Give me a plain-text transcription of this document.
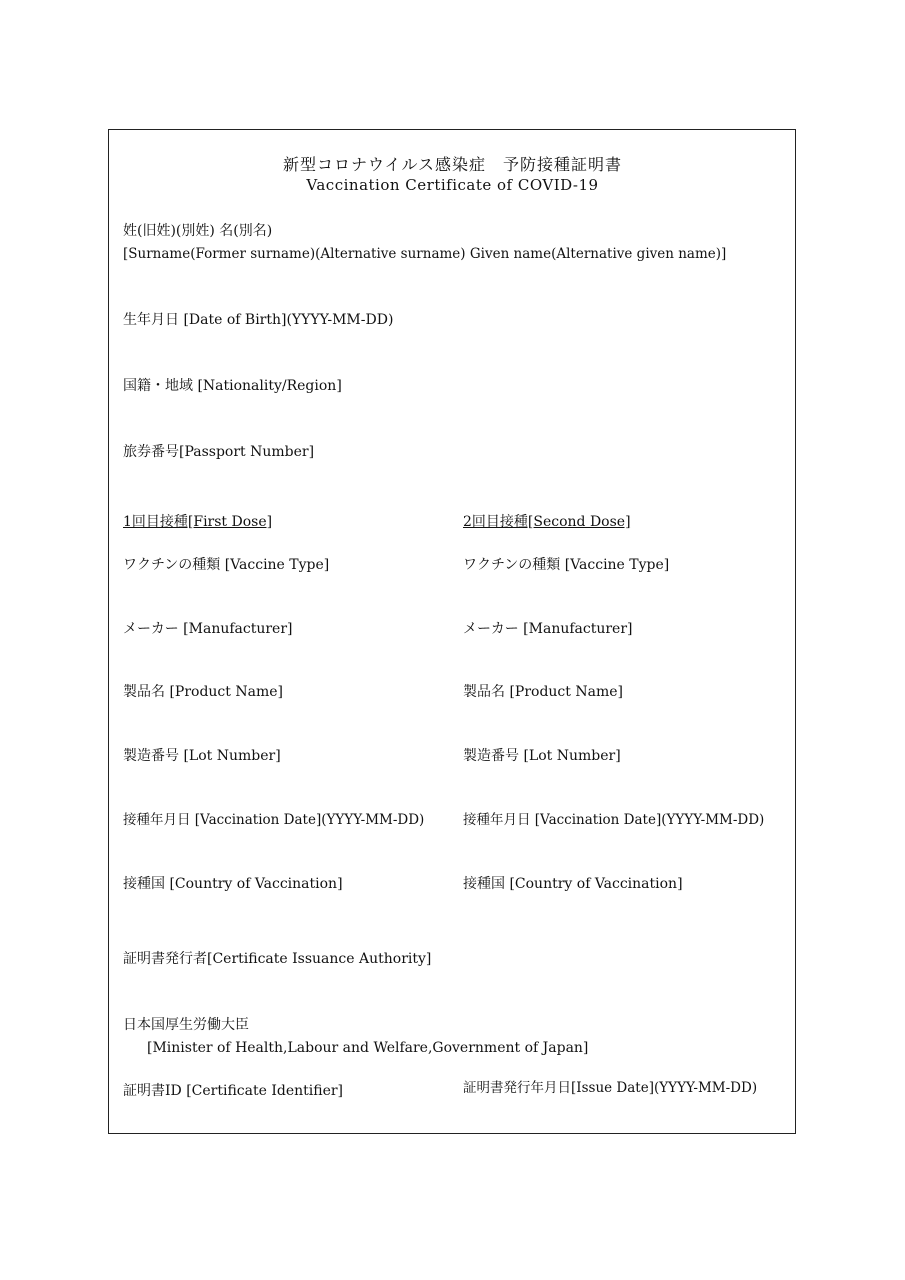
新型コロナウイルス感染症　予防接種証明書
Vaccination Certificate of COVID-19
姓(旧姓)(別姓) 名(別名)
[Surname(Former surname)(Alternative surname) Given name(Alternative given name)]
生年月日 [Date of Birth](YYYY-MM-DD)
国籍・地域 [Nationality/Region]
旅券番号[Passport Number]
1回目接種[First Dose]
ワクチンの種類 [Vaccine Type]
メーカー [Manufacturer]
製品名 [Product Name]
製造番号 [Lot Number]
接種年月日 [Vaccination Date](YYYY-MM-DD)
接種国 [Country of Vaccination]
2回目接種[Second Dose]
ワクチンの種類 [Vaccine Type]
メーカー [Manufacturer]
製品名 [Product Name]
製造番号 [Lot Number]
接種年月日 [Vaccination Date](YYYY-MM-DD)
接種国 [Country of Vaccination]
証明書発行者[Certificate Issuance Authority]
日本国厚生労働大臣
[Minister of Health,Labour and Welfare,Government of Japan]
証明書ID [Certificate Identifier]	証明書発行年月日[Issue Date](YYYY-MM-DD)
